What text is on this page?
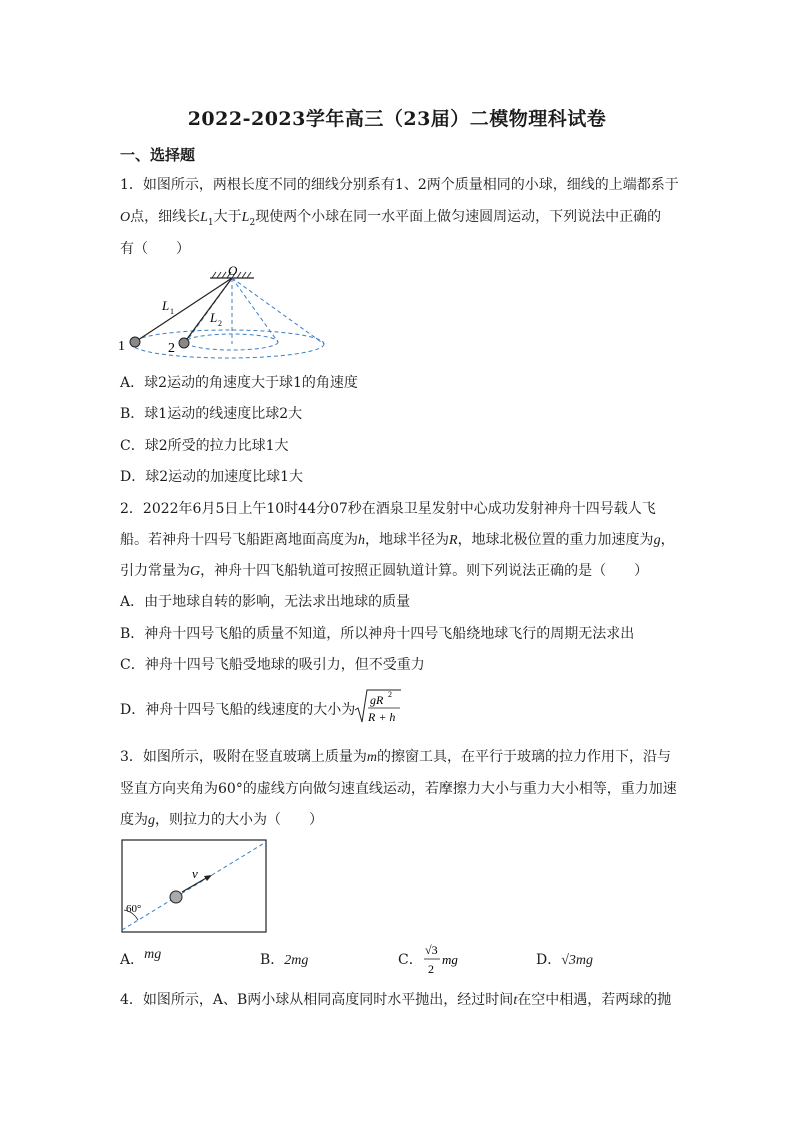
2022-2023学年高三（23届）二模物理科试卷
一、选择题
1．如图所示，两根长度不同的细线分别系有1、2两个质量相同的小球，细线的上端都系于
O点，细线长$L_1$大于$L_2$现使两个小球在同一水平面上做匀速圆周运动，下列说法中正确的
有（　　）
O
L 1	L 2
1	2
A．球2运动的角速度大于球1的角速度
B．球1运动的线速度比球2大
C．球2所受的拉力比球1大
D．球2运动的加速度比球1大
2．2022年6月5日上午10时44分07秒在酒泉卫星发射中心成功发射神舟十四号载人飞
船。若神舟十四号飞船距离地面高度为h，地球半径为R，地球北极位置的重力加速度为g，
引力常量为G，神舟十四飞船轨道可按照正圆轨道计算。则下列说法正确的是（　　）
A．由于地球自转的影响，无法求出地球的质量
B．神舟十四号飞船的质量不知道，所以神舟十四号飞船绕地球飞行的周期无法求出
C．神舟十四号飞船受地球的吸引力，但不受重力
D．神舟十四号飞船的线速度的大小为
gR 2
R + h
3．如图所示，吸附在竖直玻璃上质量为m的擦窗工具，在平行于玻璃的拉力作用下，沿与
竖直方向夹角为60°的虚线方向做匀速直线运动，若摩擦力大小与重力大小相等，重力加速
度为g，则拉力的大小为（　　）
v
60°
A．mg	B．2mg	C．
√3
2
mg	D．√3mg
4．如图所示，A、B两小球从相同高度同时水平抛出，经过时间t在空中相遇，若两球的抛
